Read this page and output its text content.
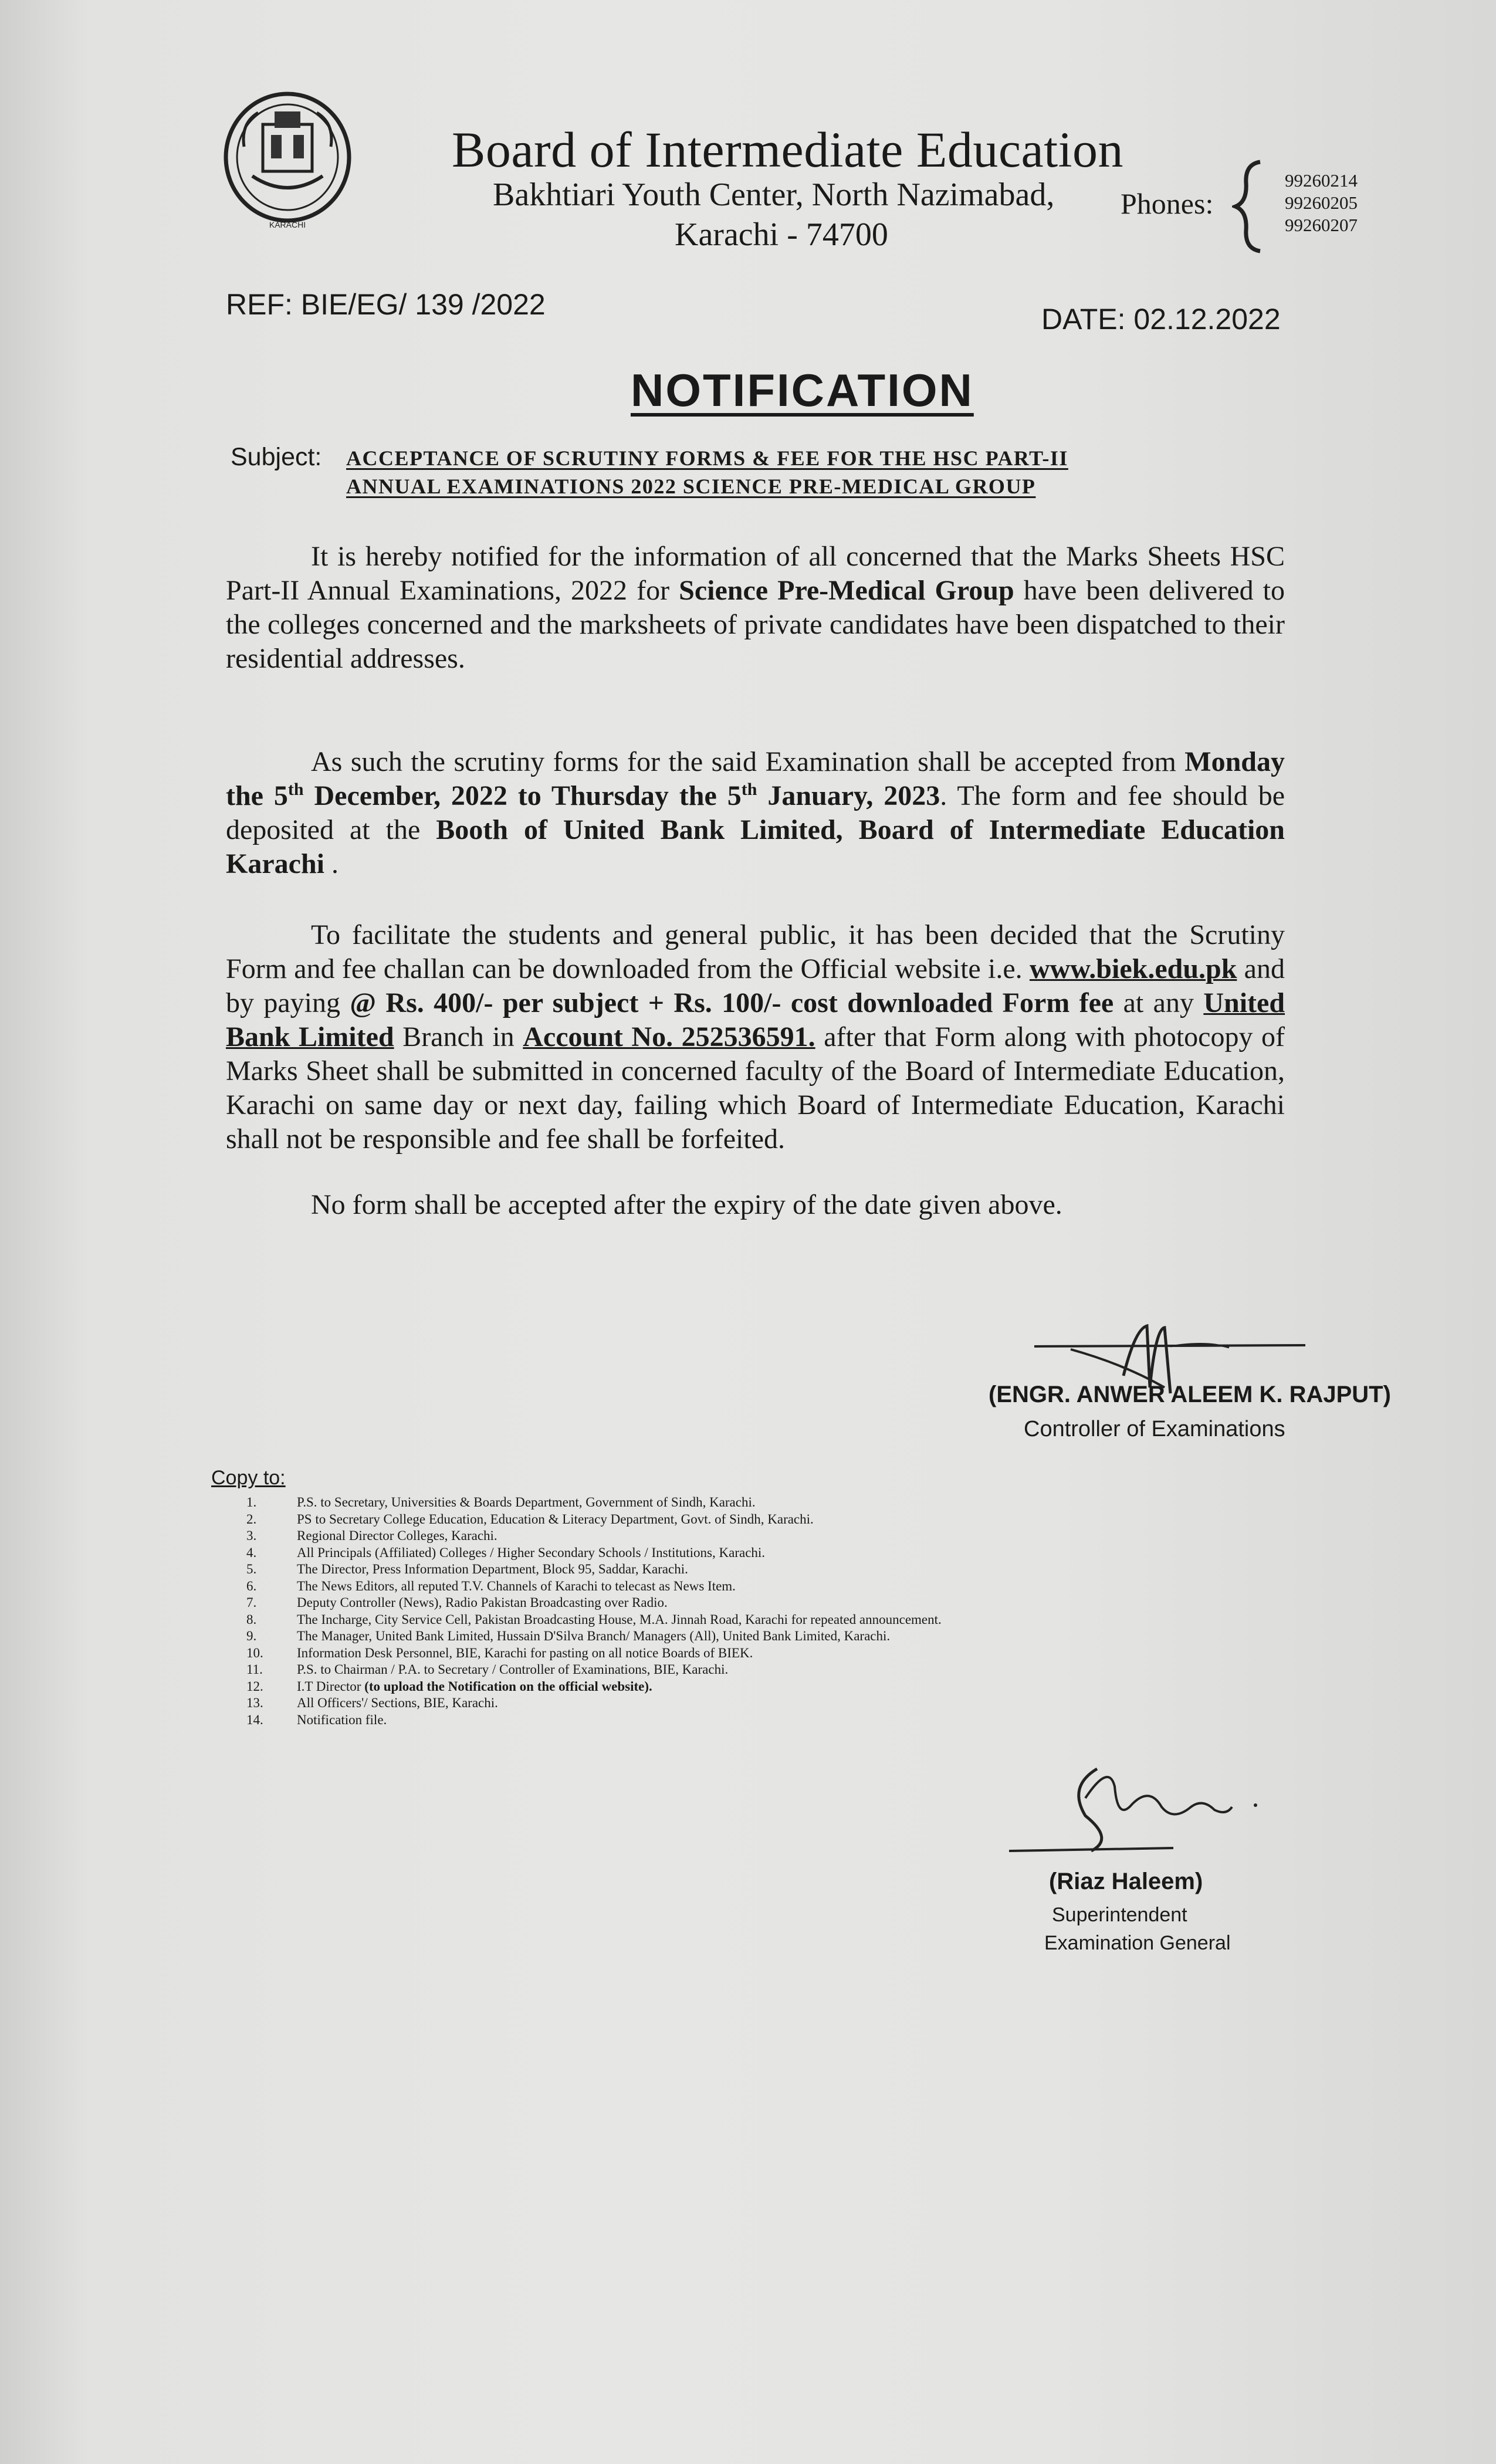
KARACHI
Board of Intermediate Education
Bakhtiari Youth Center, North Nazimabad,
Karachi - 74700
Phones:
99260214
99260205
99260207
REF: BIE/EG/ 139 /2022	DATE: 02.12.2022
NOTIFICATION
Subject: ACCEPTANCE OF SCRUTINY FORMS & FEE FOR THE HSC PART-II
ANNUAL EXAMINATIONS 2022 SCIENCE PRE-MEDICAL GROUP
It is hereby notified for the information of all concerned that the Marks Sheets HSC Part-II Annual Examinations, 2022 for Science Pre-Medical Group have been delivered to the colleges concerned and the marksheets of private candidates have been dispatched to their residential addresses.
As such the scrutiny forms for the said Examination shall be accepted from Monday the 5th December, 2022 to Thursday the 5th January, 2023. The form and fee should be deposited at the Booth of United Bank Limited, Board of Intermediate Education Karachi .
To facilitate the students and general public, it has been decided that the Scrutiny Form and fee challan can be downloaded from the Official website i.e. www.biek.edu.pk and by paying @ Rs. 400/- per subject + Rs. 100/- cost downloaded Form fee at any United Bank Limited Branch in Account No. 252536591. after that Form along with photocopy of Marks Sheet shall be submitted in concerned faculty of the Board of Intermediate Education, Karachi on same day or next day, failing which Board of Intermediate Education, Karachi shall not be responsible and fee shall be forfeited.
No form shall be accepted after the expiry of the date given above.
(ENGR. ANWER ALEEM K. RAJPUT)
Controller of Examinations
Copy to:
1.	P.S. to Secretary, Universities & Boards Department, Government of Sindh, Karachi.
2.	PS to Secretary College Education, Education & Literacy Department, Govt. of Sindh, Karachi.
3.	Regional Director Colleges, Karachi.
4.	All Principals (Affiliated) Colleges / Higher Secondary Schools / Institutions, Karachi.
5.	The Director, Press Information Department, Block 95, Saddar, Karachi.
6.	The News Editors, all reputed T.V. Channels of Karachi to telecast as News Item.
7.	Deputy Controller (News), Radio Pakistan Broadcasting over Radio.
8.	The Incharge, City Service Cell, Pakistan Broadcasting House, M.A. Jinnah Road, Karachi for repeated announcement.
9.	The Manager, United Bank Limited, Hussain D'Silva Branch/ Managers (All), United Bank Limited, Karachi.
10. Information Desk Personnel, BIE, Karachi for pasting on all notice Boards of BIEK.
11.	P.S. to Chairman / P.A. to Secretary / Controller of Examinations, BIE, Karachi.
12. I.T Director (to upload the Notification on the official website).
13. All Officers'/ Sections, BIE, Karachi.
14. Notification file.
(Riaz Haleem)
Superintendent
Examination General
